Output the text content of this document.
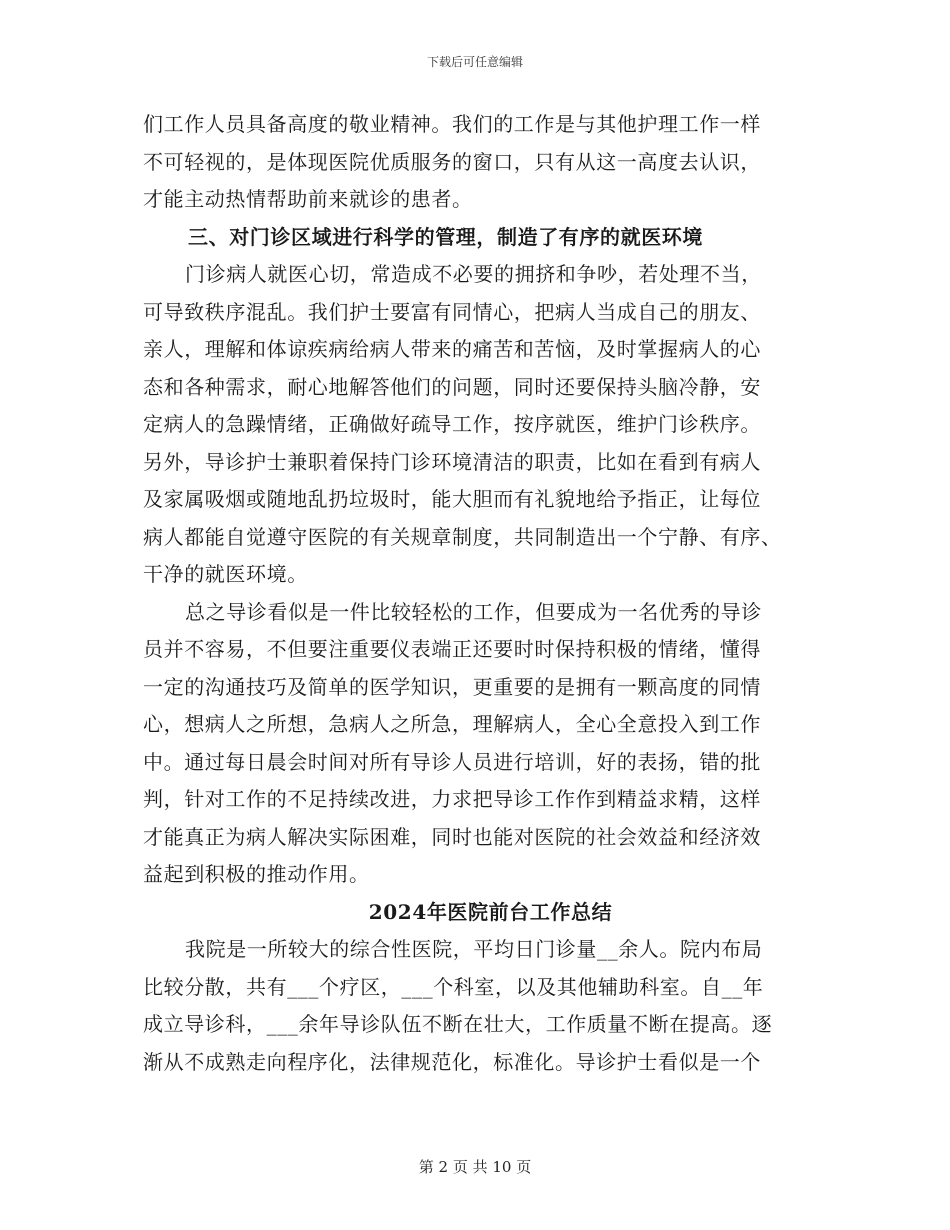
下载后可任意编辑
们工作人员具备高度的敬业精神。我们的工作是与其他护理工作一样
不可轻视的，是体现医院优质服务的窗口，只有从这一高度去认识，
才能主动热情帮助前来就诊的患者。
三、对门诊区域进行科学的管理，制造了有序的就医环境
门诊病人就医心切，常造成不必要的拥挤和争吵，若处理不当，
可导致秩序混乱。我们护士要富有同情心，把病人当成自己的朋友、
亲人，理解和体谅疾病给病人带来的痛苦和苦恼，及时掌握病人的心
态和各种需求，耐心地解答他们的问题，同时还要保持头脑冷静，安
定病人的急躁情绪，正确做好疏导工作，按序就医，维护门诊秩序。
另外，导诊护士兼职着保持门诊环境清洁的职责，比如在看到有病人
及家属吸烟或随地乱扔垃圾时，能大胆而有礼貌地给予指正，让每位
病人都能自觉遵守医院的有关规章制度，共同制造出一个宁静、有序、
干净的就医环境。
总之导诊看似是一件比较轻松的工作，但要成为一名优秀的导诊
员并不容易，不但要注重要仪表端正还要时时保持积极的情绪，懂得
一定的沟通技巧及简单的医学知识，更重要的是拥有一颗高度的同情
心，想病人之所想，急病人之所急，理解病人，全心全意投入到工作
中。通过每日晨会时间对所有导诊人员进行培训，好的表扬，错的批
判，针对工作的不足持续改进，力求把导诊工作作到精益求精，这样
才能真正为病人解决实际困难，同时也能对医院的社会效益和经济效
益起到积极的推动作用。
2024年医院前台工作总结
我院是一所较大的综合性医院，平均日门诊量__余人。院内布局
比较分散，共有___个疗区，___个科室，以及其他辅助科室。自__年
成立导诊科，___余年导诊队伍不断在壮大，工作质量不断在提高。逐
渐从不成熟走向程序化，法律规范化，标准化。导诊护士看似是一个
第 2 页 共 10 页
